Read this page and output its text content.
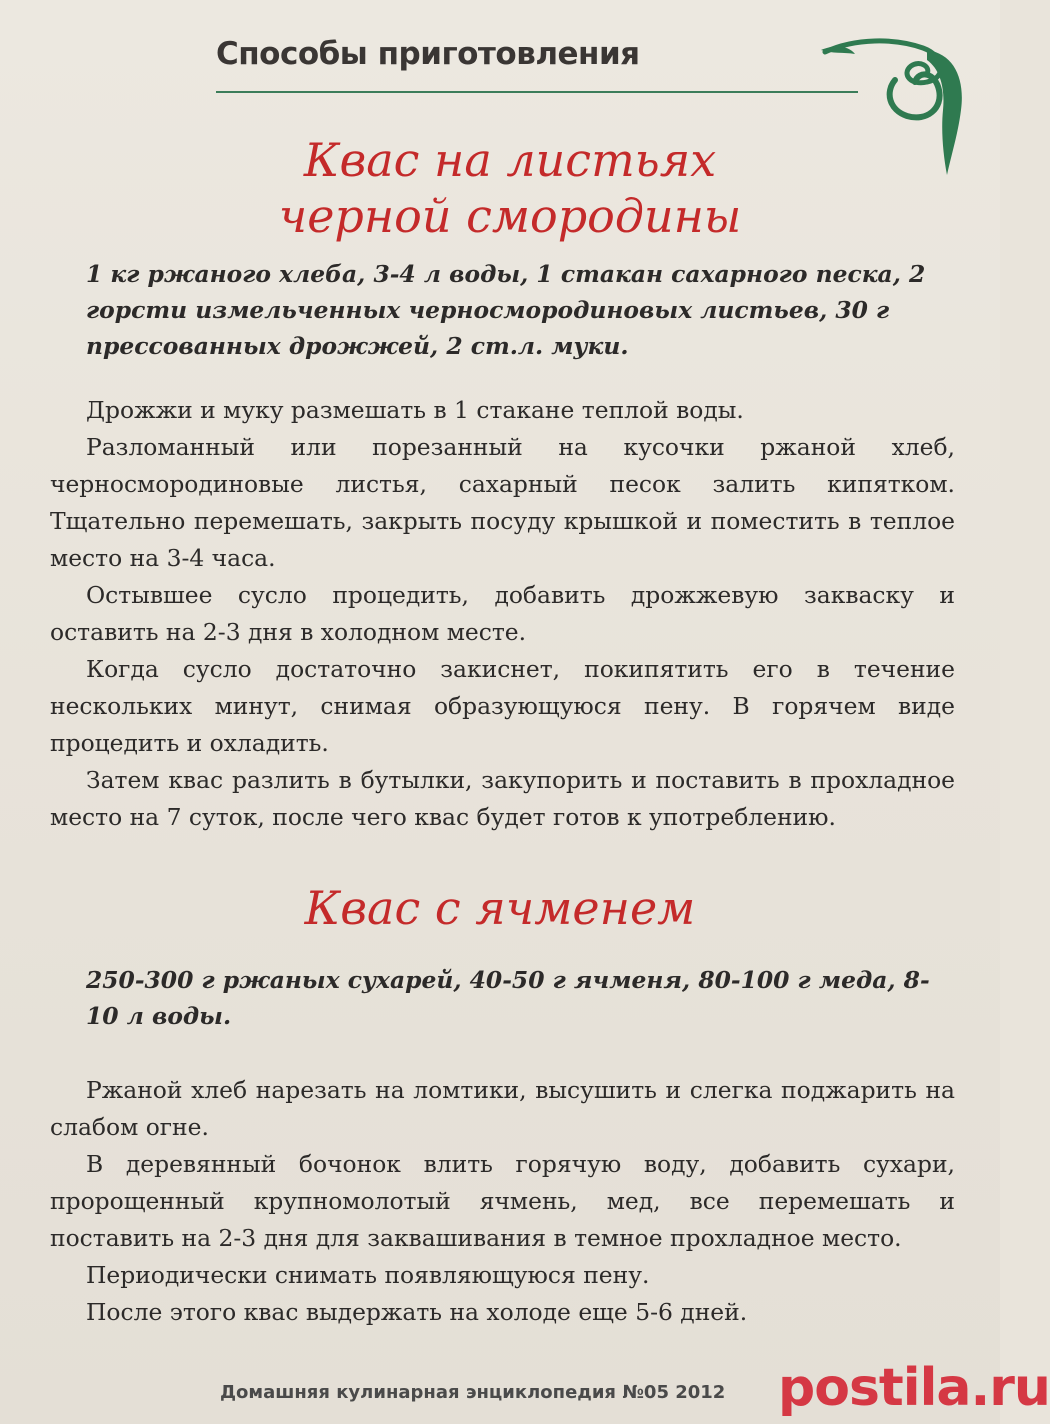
Способы приготовления
Квас на листьях
черной смородины
1 кг ржаного хлеба, 3-4 л воды, 1 стакан сахарного песка, 2 горсти измельченных черносмородиновых листьев, 30 г прессованных дрожжей, 2 ст.л. муки.

Дрожжи и муку размешать в 1 стакане теплой воды.

Разломанный или порезанный на кусочки ржаной хлеб, черносмородиновые листья, сахарный песок залить кипятком. Тщательно перемешать, закрыть посуду крышкой и поместить в теплое место на 3-4 часа.

Остывшее сусло процедить, добавить дрожжевую закваску и оставить на 2-3 дня в холодном месте.

Когда сусло достаточно закиснет, покипятить его в течение нескольких минут, снимая образующуюся пену. В горячем виде процедить и охладить.

Затем квас разлить в бутылки, закупорить и поставить в прохладное место на 7 суток, после чего квас будет готов к употреблению.

Квас с ячменем
250-300 г ржаных сухарей, 40-50 г ячменя, 80-100 г меда, 8-10 л воды.

Ржаной хлеб нарезать на ломтики, высушить и слегка поджарить на слабом огне.

В деревянный бочонок влить горячую воду, добавить сухари, пророщенный крупномолотый ячмень, мед, все перемешать и поставить на 2-3 дня для заквашивания в темное прохладное место.

Периодически снимать появляющуюся пену.

После этого квас выдержать на холоде еще 5-6 дней.

Домашняя кулинарная энциклопедия №05 2012 postila.ru
